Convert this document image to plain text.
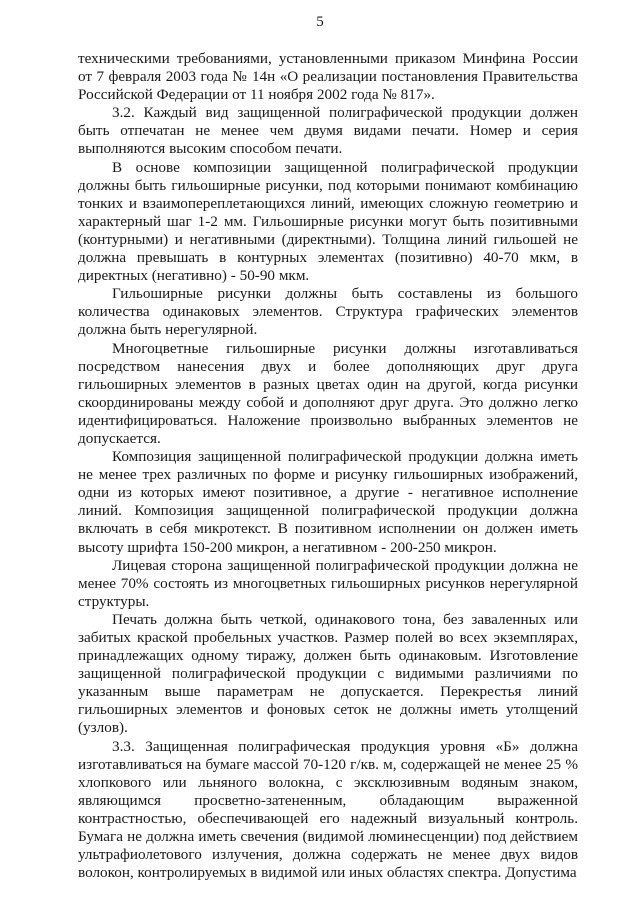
5

техническими требованиями, установленными приказом Минфина России от 7 февраля 2003 года № 14н «О реализации постановления Правительства Российской Федерации от 11 ноября 2002 года № 817».

3.2. Каждый вид защищенной полиграфической продукции должен быть отпечатан не менее чем двумя видами печати. Номер и серия выполняются высоким способом печати.

В основе композиции защищенной полиграфической продукции должны быть гильоширные рисунки, под которыми понимают комбинацию тонких и взаимопереплетающихся линий, имеющих сложную геометрию и характерный шаг 1-2 мм. Гильоширные рисунки могут быть позитивными (контурными) и негативными (директными). Толщина линий гильошей не должна превышать в контурных элементах (позитивно) 40-70 мкм, в директных (негативно) - 50-90 мкм.

Гильоширные рисунки должны быть составлены из большого количества одинаковых элементов. Структура графических элементов должна быть нерегулярной.

Многоцветные гильоширные рисунки должны изготавливаться посредством нанесения двух и более дополняющих друг друга гильоширных элементов в разных цветах один на другой, когда рисунки скоординированы между собой и дополняют друг друга. Это должно легко идентифицироваться. Наложение произвольно выбранных элементов не допускается.

Композиция защищенной полиграфической продукции должна иметь не менее трех различных по форме и рисунку гильоширных изображений, одни из которых имеют позитивное, а другие - негативное исполнение линий. Композиция защищенной полиграфической продукции должна включать в себя микротекст. В позитивном исполнении он должен иметь высоту шрифта 150-200 микрон, а негативном - 200-250 микрон.

Лицевая сторона защищенной полиграфической продукции должна не менее 70% состоять из многоцветных гильоширных рисунков нерегулярной структуры.

Печать должна быть четкой, одинакового тона, без заваленных или забитых краской пробельных участков. Размер полей во всех экземплярах, принадлежащих одному тиражу, должен быть одинаковым. Изготовление защищенной полиграфической продукции с видимыми различиями по указанным выше параметрам не допускается. Перекрестья линий гильоширных элементов и фоновых сеток не должны иметь утолщений (узлов).

3.3. Защищенная полиграфическая продукция уровня «Б» должна изготавливаться на бумаге массой 70-120 г/кв. м, содержащей не менее 25 % хлопкового или льняного волокна, с эксклюзивным водяным знаком, являющимся просветно-затененным, обладающим выраженной контрастностью, обеспечивающей его надежный визуальный контроль. Бумага не должна иметь свечения (видимой люминесценции) под действием ультрафиолетового излучения, должна содержать не менее двух видов волокон, контролируемых в видимой или иных областях спектра. Допустима
